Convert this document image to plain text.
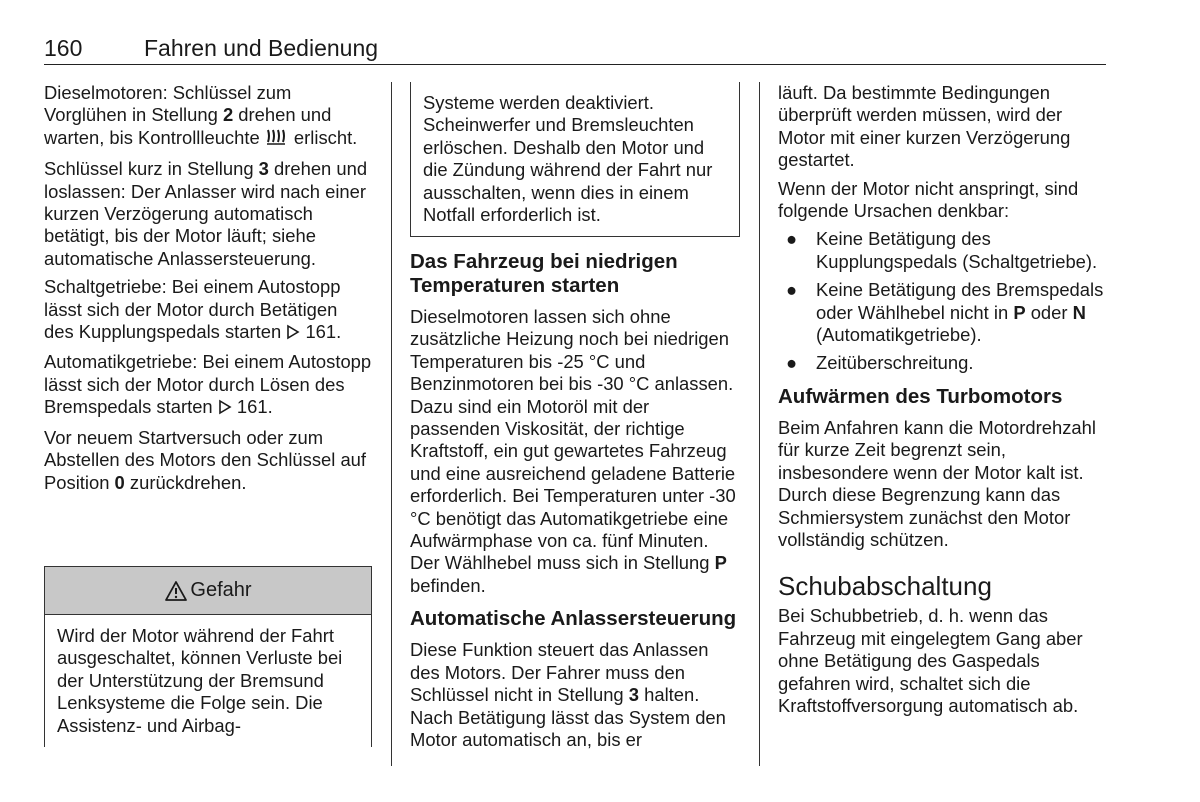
160	Fahren und Bedienung

Dieselmotoren: Schlüssel zum Vorglühen in Stellung 2 drehen und warten, bis Kontrollleuchte  erlischt.

Schlüssel kurz in Stellung 3 drehen und loslassen: Der Anlasser wird nach einer kurzen Verzögerung automatisch betätigt, bis der Motor läuft; siehe automatische Anlassersteuerung.

Schaltgetriebe: Bei einem Autostopp lässt sich der Motor durch Betätigen des Kupplungspedals starten  161.

Automatikgetriebe: Bei einem Autostopp lässt sich der Motor durch Lösen des Bremspedals starten  161.

Vor neuem Startversuch oder zum Abstellen des Motors den Schlüssel auf Position 0 zurückdrehen.

Gefahr
Wird der Motor während der Fahrt ausgeschaltet, können Verluste bei der Unterstützung der Bremsund Lenksysteme die Folge sein. Die Assistenz- und Airbag-
Systeme werden deaktiviert. Scheinwerfer und Bremsleuchten erlöschen. Deshalb den Motor und die Zündung während der Fahrt nur ausschalten, wenn dies in einem Notfall erforderlich ist.
Das Fahrzeug bei niedrigen Temperaturen starten

Dieselmotoren lassen sich ohne zusätzliche Heizung noch bei niedrigen Temperaturen bis -25 °C und Benzinmotoren bei bis -30 °C anlassen. Dazu sind ein Motoröl mit der passenden Viskosität, der richtige Kraftstoff, ein gut gewartetes Fahrzeug und eine ausreichend geladene Batterie erforderlich. Bei Temperaturen unter -30 °C benötigt das Automatikgetriebe eine Aufwärmphase von ca. fünf Minuten. Der Wählhebel muss sich in Stellung P befinden.

Automatische Anlassersteuerung

Diese Funktion steuert das Anlassen des Motors. Der Fahrer muss den Schlüssel nicht in Stellung 3 halten. Nach Betätigung lässt das System den Motor automatisch an, bis er

läuft. Da bestimmte Bedingungen überprüft werden müssen, wird der Motor mit einer kurzen Verzögerung gestartet.

Wenn der Motor nicht anspringt, sind folgende Ursachen denkbar:

● Keine Betätigung des Kupplungspedals (Schaltgetriebe).
● Keine Betätigung des Bremspedals oder Wählhebel nicht in P oder N (Automatikgetriebe).
● Zeitüberschreitung.
Aufwärmen des Turbomotors

Beim Anfahren kann die Motordrehzahl für kurze Zeit begrenzt sein, insbesondere wenn der Motor kalt ist. Durch diese Begrenzung kann das Schmiersystem zunächst den Motor vollständig schützen.

Schubabschaltung

Bei Schubbetrieb, d. h. wenn das Fahrzeug mit eingelegtem Gang aber ohne Betätigung des Gaspedals gefahren wird, schaltet sich die Kraftstoffversorgung automatisch ab.
